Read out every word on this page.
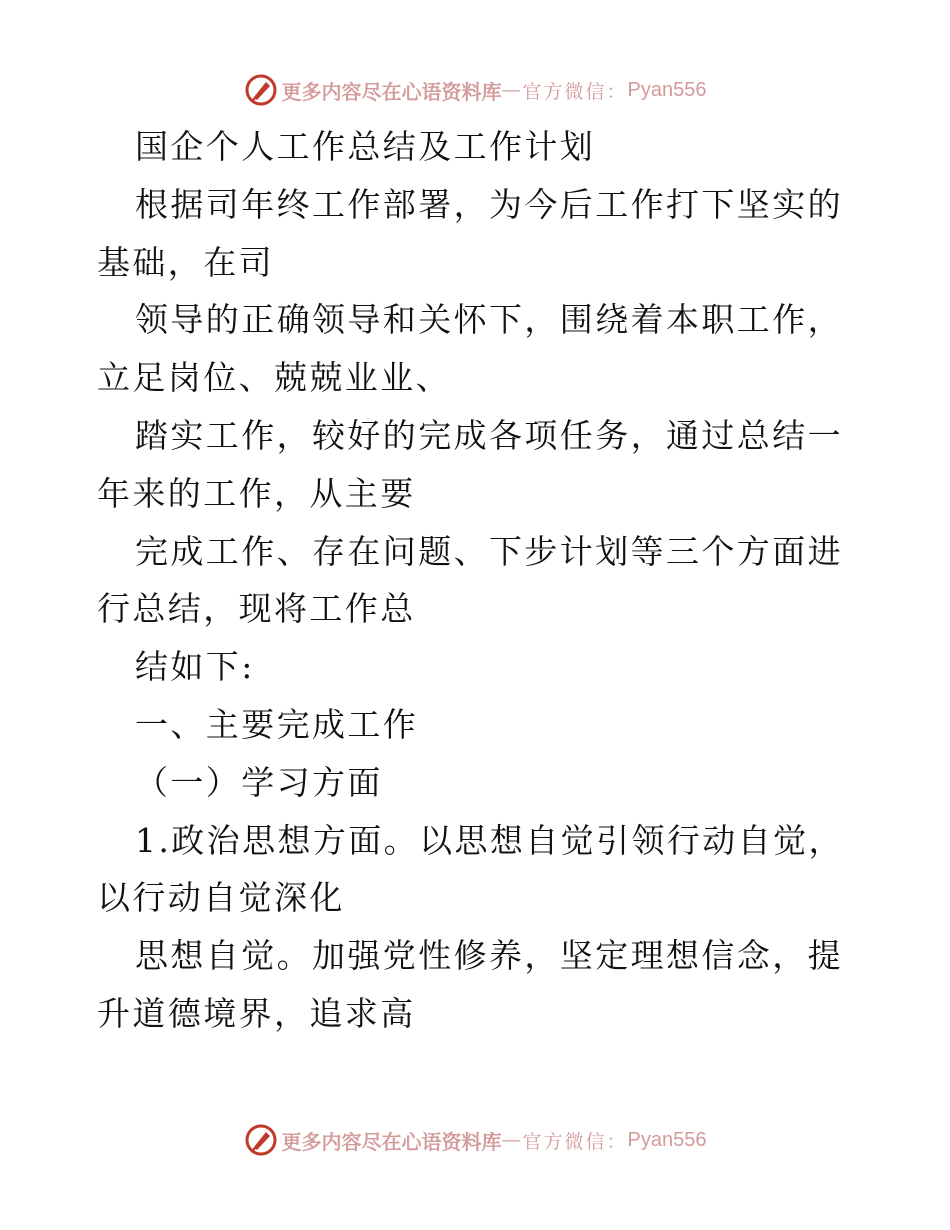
更多内容尽在心语资料库 — 官方微信： Pyan556

国企个人工作总结及工作计划

根据司年终工作部署，为今后工作打下坚实的基础，在司

领导的正确领导和关怀下，围绕着本职工作，立足岗位、兢兢业业、

踏实工作，较好的完成各项任务，通过总结一年来的工作，从主要

完成工作、存在问题、下步计划等三个方面进行总结，现将工作总

结如下:

一、主要完成工作

（一）学习方面

1.政治思想方面。以思想自觉引领行动自觉，以行动自觉深化

思想自觉。加强党性修养，坚定理想信念，提升道德境界，追求高

更多内容尽在心语资料库 — 官方微信： Pyan556
